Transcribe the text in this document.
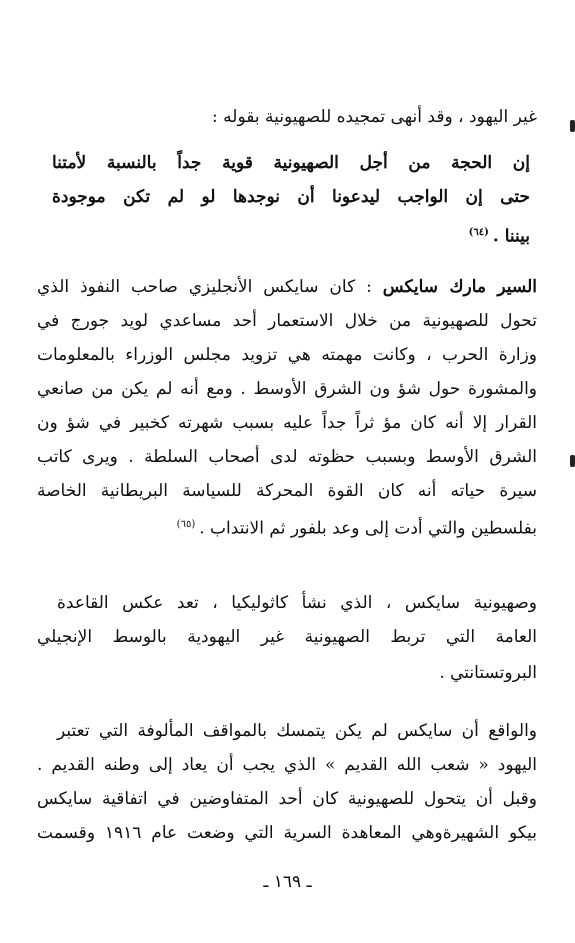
غير اليهود ، وقد أنهى تمجيده للصهيونية بقوله :
إن الحجة من أجل الصهيونية قوية جداً بالنسبة لأمتنا
حتى إن الواجب ليدعونا أن نوجدها لو لم تكن موجودة
بيننا .$^{(٦٤)}$
السير مارك سايكس : كان سايكس الأنجليزي صاحب النفوذ الذي
تحول للصهيونية من خلال الاستعمار أحد مساعدي لويد جورج في
وزارة الحرب ، وكانت مهمته هي تزويد مجلس الوزراء بالمعلومات
والمشورة حول شؤ ون الشرق الأوسط . ومع أنه لم يكن من صانعي
القرار إلا أنه كان مؤ ثراً جداً عليه بسبب شهرته كخبير في شؤ ون
الشرق الأوسط وبسبب حظوته لدى أصحاب السلطة . ويرى كاتب
سيرة حياته أنه كان القوة المحركة للسياسة البريطانية الخاصة
بفلسطين والتي أدت إلى وعد بلفور ثم الانتداب .$^{(٦٥)}$
وصهيونية سايكس ، الذي نشأ كاثوليكيا ، تعد عكس القاعدة
العامة التي تربط الصهيونية غير اليهودية بالوسط الإنجيلي
البروتستانتي .
والواقع أن سايكس لم يكن يتمسك بالمواقف المألوفة التي تعتبر
اليهود « شعب الله القديم » الذي يجب أن يعاد إلى وطنه القديم .
وقبل أن يتحول للصهيونية كان أحد المتفاوضين في اتفاقية سايكس
بيكو الشهيرةوهي المعاهدة السرية التي وضعت عام ١٩١٦ وقسمت
ـ ١٦٩ ـ
